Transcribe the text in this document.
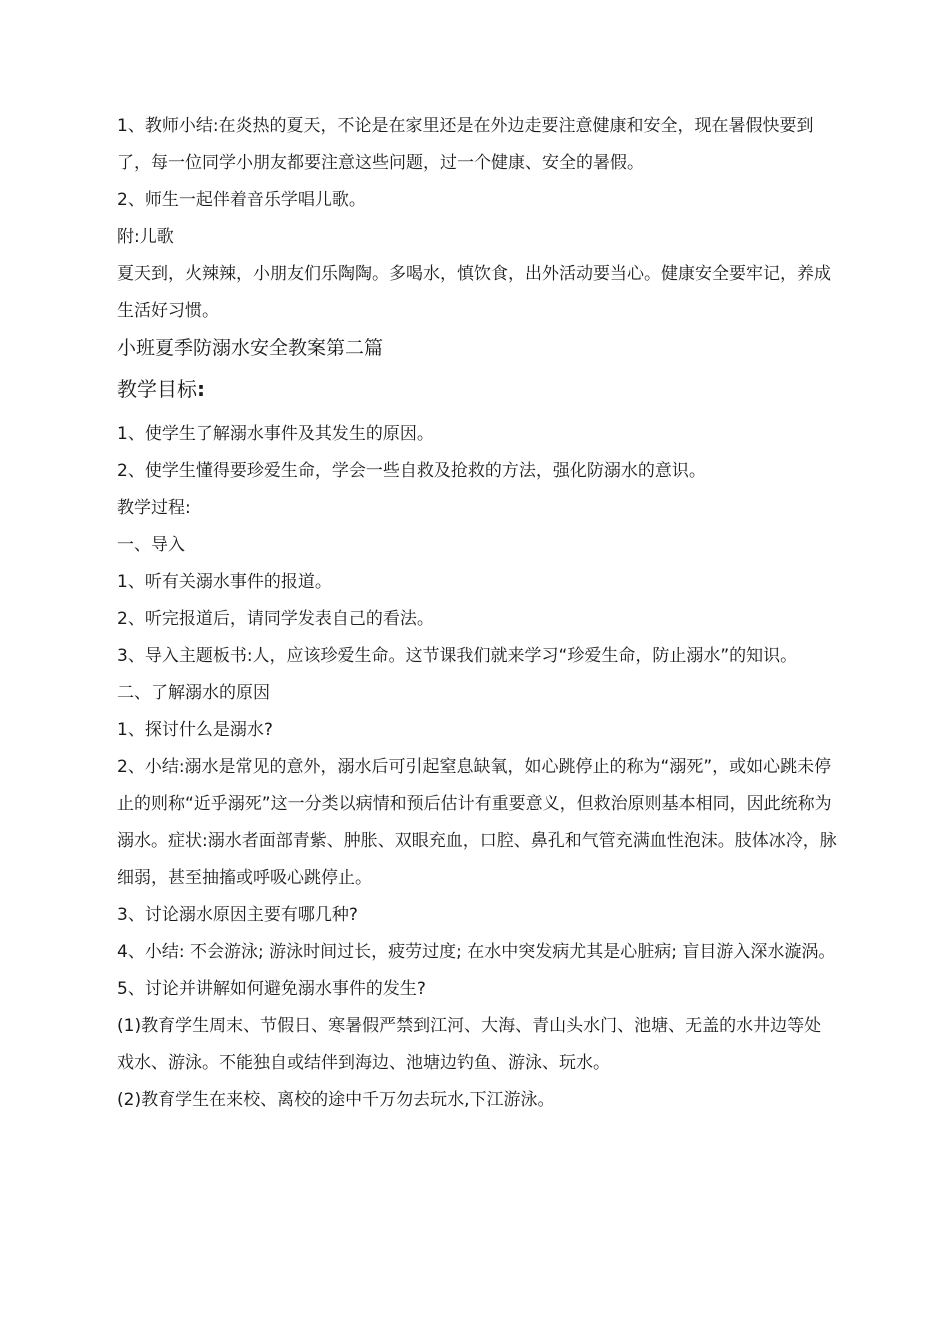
1、教师小结:在炎热的夏天，不论是在家里还是在外边走要注意健康和安全，现在暑假快要到了，每一位同学小朋友都要注意这些问题，过一个健康、安全的暑假。

2、师生一起伴着音乐学唱儿歌。

附:儿歌

夏天到，火辣辣，小朋友们乐陶陶。多喝水，慎饮食，出外活动要当心。健康安全要牢记，养成生活好习惯。

小班夏季防溺水安全教案第二篇

教学目标:

1、使学生了解溺水事件及其发生的原因。

2、使学生懂得要珍爱生命，学会一些自救及抢救的方法，强化防溺水的意识。

教学过程:

一、导入

1、听有关溺水事件的报道。

2、听完报道后，请同学发表自己的看法。

3、导入主题板书:人，应该珍爱生命。这节课我们就来学习“珍爱生命，防止溺水”的知识。

二、了解溺水的原因

1、探讨什么是溺水?

2、小结:溺水是常见的意外，溺水后可引起窒息缺氧，如心跳停止的称为“溺死”，或如心跳未停止的则称“近乎溺死”这一分类以病情和预后估计有重要意义，但救治原则基本相同，因此统称为溺水。症状:溺水者面部青紫、肿胀、双眼充血，口腔、鼻孔和气管充满血性泡沫。肢体冰冷，脉细弱，甚至抽搐或呼吸心跳停止。

3、讨论溺水原因主要有哪几种?

4、小结: 不会游泳; 游泳时间过长，疲劳过度; 在水中突发病尤其是心脏病; 盲目游入深水漩涡。

5、讨论并讲解如何避免溺水事件的发生?

(1)教育学生周末、节假日、寒暑假严禁到江河、大海、青山头水门、池塘、无盖的水井边等处戏水、游泳。不能独自或结伴到海边、池塘边钓鱼、游泳、玩水。

(2)教育学生在来校、离校的途中千万勿去玩水,下江游泳。
